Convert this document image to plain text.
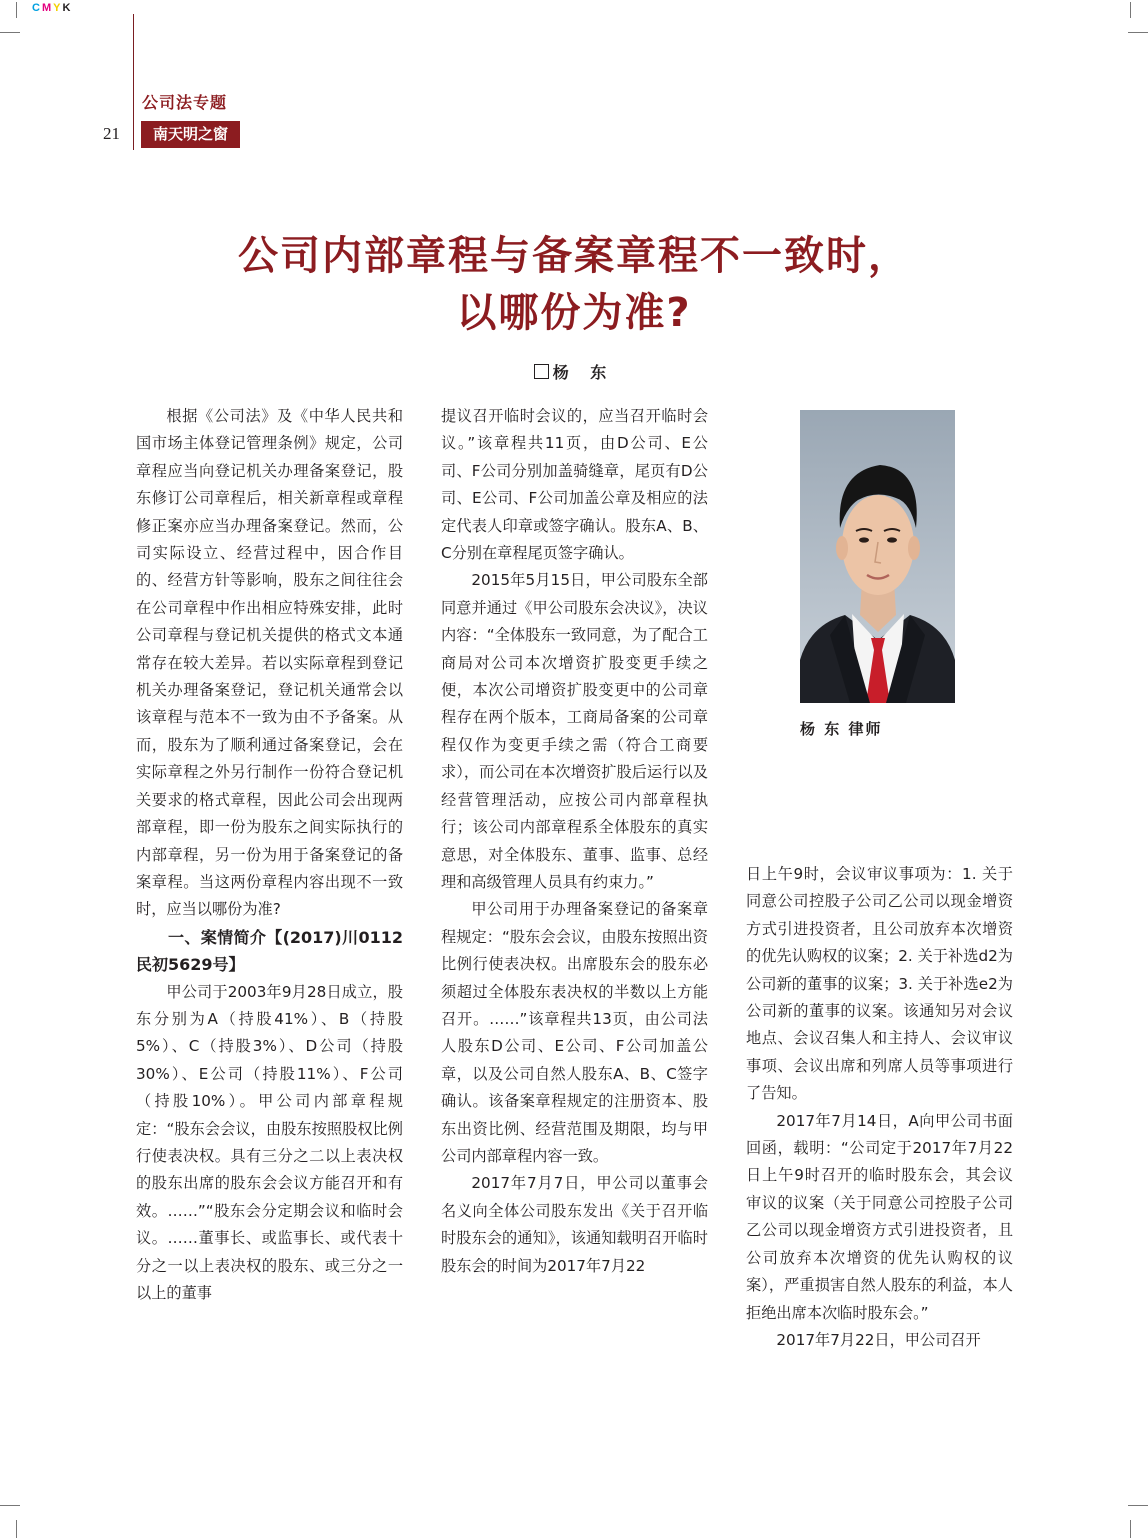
CMYK
公司法专题
21	南天明之窗
公司内部章程与备案章程不一致时，
以哪份为准?
杨 东

根据《公司法》及《中华人民共和国市场主体登记管理条例》规定，公司章程应当向登记机关办理备案登记，股东修订公司章程后，相关新章程或章程修正案亦应当办理备案登记。然而，公司实际设立、经营过程中，因合作目的、经营方针等影响，股东之间往往会在公司章程中作出相应特殊安排，此时公司章程与登记机关提供的格式文本通常存在较大差异。若以实际章程到登记机关办理备案登记，登记机关通常会以该章程与范本不一致为由不予备案。从而，股东为了顺利通过备案登记，会在实际章程之外另行制作一份符合登记机关要求的格式章程，因此公司会出现两部章程，即一份为股东之间实际执行的内部章程，另一份为用于备案登记的备案章程。当这两份章程内容出现不一致时，应当以哪份为准?

一、案情简介【(2017)川0112民初5629号】

甲公司于2003年9月28日成立，股东分别为A（持股41%）、B（持股5%）、C（持股3%）、D公司（持股30%）、E公司（持股11%）、F公司（持股10%）。甲公司内部章程规定：“股东会会议，由股东按照股权比例行使表决权。具有三分之二以上表决权的股东出席的股东会会议方能召开和有效。……”“股东会分定期会议和临时会议。……董事长、或监事长、或代表十分之一以上表决权的股东、或三分之一以上的董事

提议召开临时会议的，应当召开临时会议。”该章程共11页，由D公司、E公司、F公司分别加盖骑缝章，尾页有D公司、E公司、F公司加盖公章及相应的法定代表人印章或签字确认。股东A、B、C分别在章程尾页签字确认。

2015年5月15日，甲公司股东全部同意并通过《甲公司股东会决议》，决议内容：“全体股东一致同意，为了配合工商局对公司本次增资扩股变更手续之便，本次公司增资扩股变更中的公司章程存在两个版本，工商局备案的公司章程仅作为变更手续之需（符合工商要求），而公司在本次增资扩股后运行以及经营管理活动，应按公司内部章程执行；该公司内部章程系全体股东的真实意思，对全体股东、董事、监事、总经理和高级管理人员具有约束力。”

甲公司用于办理备案登记的备案章程规定：“股东会会议，由股东按照出资比例行使表决权。出席股东会的股东必须超过全体股东表决权的半数以上方能召开。……”该章程共13页，由公司法人股东D公司、E公司、F公司加盖公章，以及公司自然人股东A、B、C签字确认。该备案章程规定的注册资本、股东出资比例、经营范围及期限，均与甲公司内部章程内容一致。

2017年7月7日，甲公司以董事会名义向全体公司股东发出《关于召开临时股东会的通知》，该通知载明召开临时股东会的时间为2017年7月22

杨 东 律师

日上午9时，会议审议事项为：1. 关于同意公司控股子公司乙公司以现金增资方式引进投资者，且公司放弃本次增资的优先认购权的议案；2. 关于补选d2为公司新的董事的议案；3. 关于补选e2为公司新的董事的议案。该通知另对会议地点、会议召集人和主持人、会议审议事项、会议出席和列席人员等事项进行了告知。

2017年7月14日，A向甲公司书面回函，载明：“公司定于2017年7月22日上午9时召开的临时股东会，其会议审议的议案（关于同意公司控股子公司乙公司以现金增资方式引进投资者，且公司放弃本次增资的优先认购权的议案），严重损害自然人股东的利益，本人拒绝出席本次临时股东会。”

2017年7月22日，甲公司召开
